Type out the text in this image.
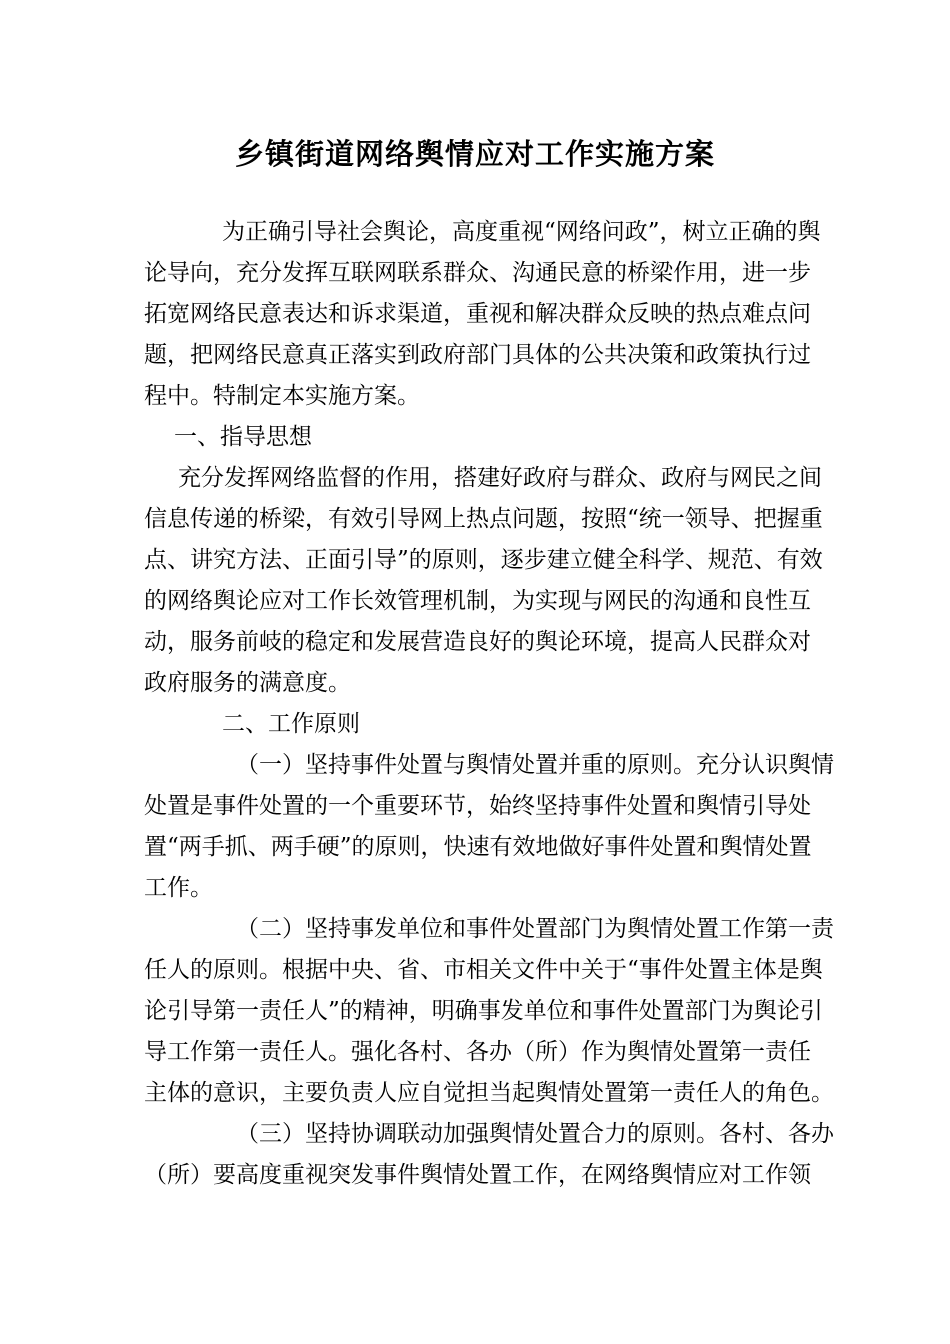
乡镇街道网络舆情应对工作实施方案
为正确引导社会舆论，高度重视“网络问政”，树立正确的舆
论导向，充分发挥互联网联系群众、沟通民意的桥梁作用，进一步
拓宽网络民意表达和诉求渠道，重视和解决群众反映的热点难点问
题，把网络民意真正落实到政府部门具体的公共决策和政策执行过
程中。特制定本实施方案。
一、指导思想
充分发挥网络监督的作用，搭建好政府与群众、政府与网民之间
信息传递的桥梁，有效引导网上热点问题，按照“统一领导、把握重
点、讲究方法、正面引导”的原则，逐步建立健全科学、规范、有效
的网络舆论应对工作长效管理机制，为实现与网民的沟通和良性互
动，服务前岐的稳定和发展营造良好的舆论环境，提高人民群众对
政府服务的满意度。
二、工作原则
（一）坚持事件处置与舆情处置并重的原则。充分认识舆情
处置是事件处置的一个重要环节，始终坚持事件处置和舆情引导处
置“两手抓、两手硬”的原则，快速有效地做好事件处置和舆情处置
工作。
（二）坚持事发单位和事件处置部门为舆情处置工作第一责
任人的原则。根据中央、省、市相关文件中关于“事件处置主体是舆
论引导第一责任人”的精神，明确事发单位和事件处置部门为舆论引
导工作第一责任人。强化各村、各办（所）作为舆情处置第一责任
主体的意识，主要负责人应自觉担当起舆情处置第一责任人的角色。
（三）坚持协调联动加强舆情处置合力的原则。各村、各办
（所）要高度重视突发事件舆情处置工作，在网络舆情应对工作领
